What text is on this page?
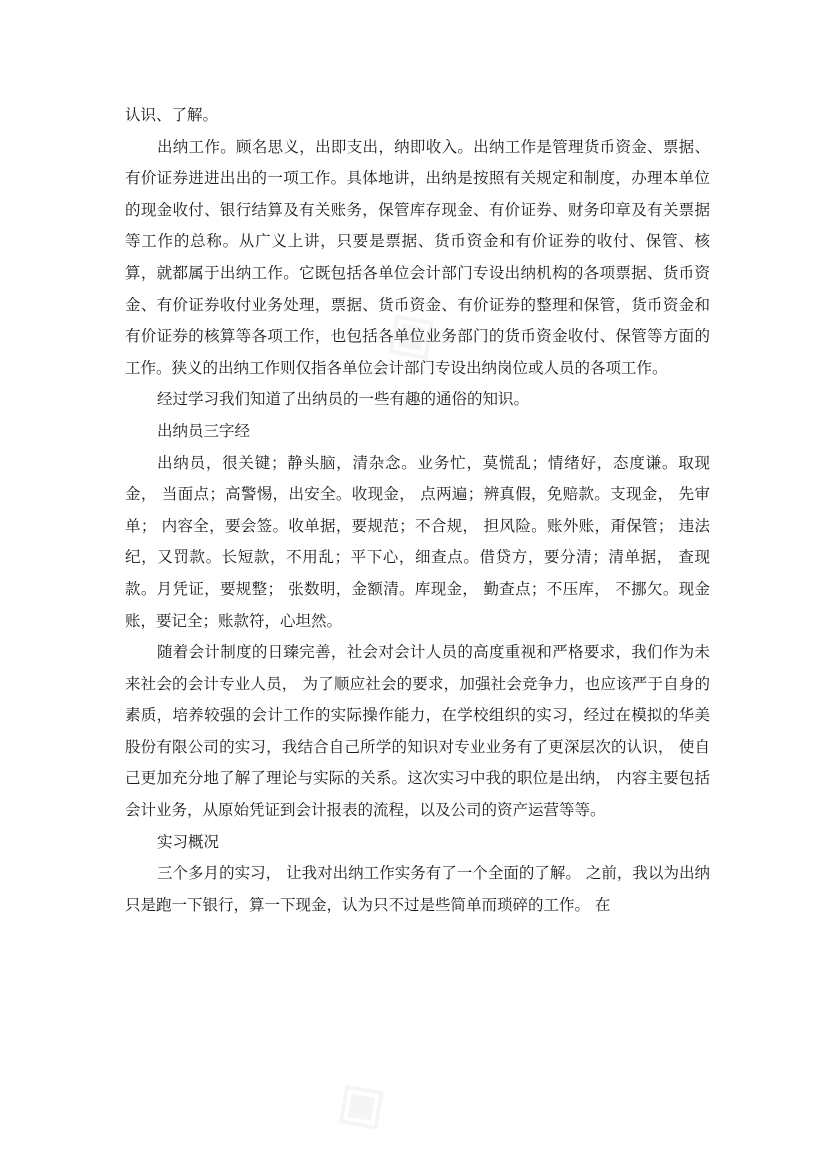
◈
◈

认识、了解。

出纳工作。顾名思义，出即支出，纳即收入。出纳工作是管理货币资金、票据、有价证券进进出出的一项工作。具体地讲，出纳是按照有关规定和制度，办理本单位的现金收付、银行结算及有关账务，保管库存现金、有价证券、财务印章及有关票据等工作的总称。从广义上讲，只要是票据、货币资金和有价证券的收付、保管、核算，就都属于出纳工作。它既包括各单位会计部门专设出纳机构的各项票据、货币资金、有价证券收付业务处理，票据、货币资金、有价证券的整理和保管，货币资金和有价证券的核算等各项工作，也包括各单位业务部门的货币资金收付、保管等方面的工作。狭义的出纳工作则仅指各单位会计部门专设出纳岗位或人员的各项工作。

经过学习我们知道了出纳员的一些有趣的通俗的知识。

出纳员三字经

出纳员，很关键；静头脑，清杂念。业务忙，莫慌乱；情绪好，态度谦。取现金， 当面点；高警惕，出安全。收现金， 点两遍；辨真假，免赔款。支现金， 先审单； 内容全，要会签。收单据，要规范；不合规， 担风险。账外账，甭保管； 违法纪，又罚款。长短款，不用乱；平下心，细查点。借贷方，要分清；清单据， 查现款。月凭证，要规整； 张数明，金额清。库现金， 勤查点；不压库， 不挪欠。现金账，要记全；账款符，心坦然。

随着会计制度的日臻完善，社会对会计人员的高度重视和严格要求，我们作为未来社会的会计专业人员， 为了顺应社会的要求，加强社会竞争力，也应该严于自身的素质，培养较强的会计工作的实际操作能力，在学校组织的实习，经过在模拟的华美股份有限公司的实习，我结合自己所学的知识对专业业务有了更深层次的认识， 使自己更加充分地了解了理论与实际的关系。这次实习中我的职位是出纳， 内容主要包括会计业务，从原始凭证到会计报表的流程，以及公司的资产运营等等。

实习概况

三个多月的实习， 让我对出纳工作实务有了一个全面的了解。 之前，我以为出纳只是跑一下银行，算一下现金，认为只不过是些简单而琐碎的工作。 在
